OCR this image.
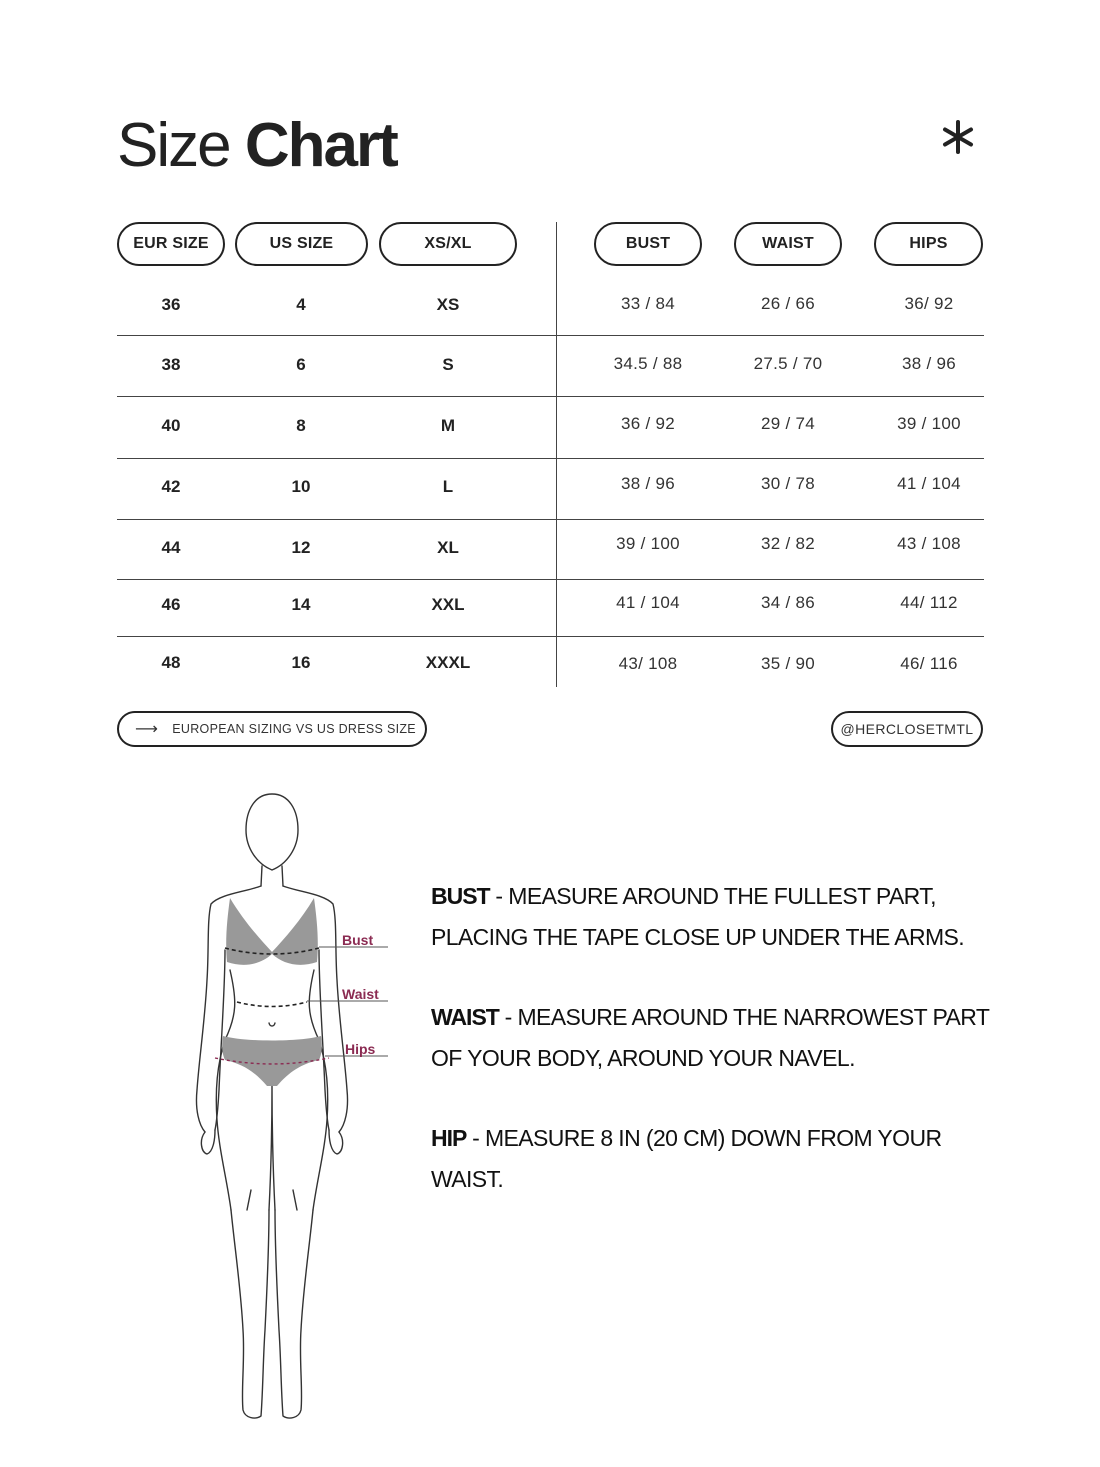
Size Chart
EUR SIZE	US SIZE	XS/XL	BUST	WAIST	HIPS
36	4	XS	33 / 84	26 / 66	36/ 92
38	6	S	34.5 / 88	27.5 / 70	38 / 96
40	8	M	36 / 92	29 / 74	39 / 100
42	10	L	38 / 96	30 / 78	41 / 104
44	12	XL	39 / 100	32 / 82	43 / 108
46	14	XXL	41 / 104	34 / 86	44/ 112
48	16	XXXL	43/ 108	35 / 90	46/ 116
⟶ EUROPEAN SIZING VS US DRESS SIZE	@HERCLOSETMTL
Bust
Waist
Hips
BUST - MEASURE AROUND THE FULLEST PART, PLACING THE TAPE CLOSE UP UNDER THE ARMS.
WAIST - MEASURE AROUND THE NARROWEST PART OF YOUR BODY, AROUND YOUR NAVEL.
HIP - MEASURE 8 IN (20 CM) DOWN FROM YOUR WAIST.
